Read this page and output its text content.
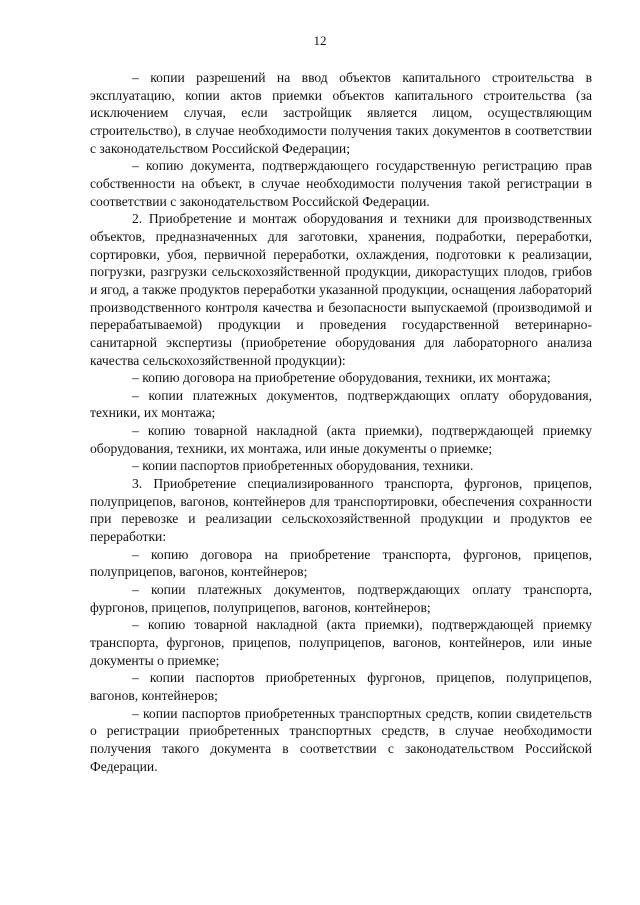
12

– копии разрешений на ввод объектов капитального строительства в эксплуатацию, копии актов приемки объектов капитального строительства (за исключением случая, если застройщик является лицом, осуществляющим строительство), в случае необходимости получения таких документов в соответствии с законодательством Российской Федерации;

– копию документа, подтверждающего государственную регистрацию прав собственности на объект, в случае необходимости получения такой регистрации в соответствии с законодательством Российской Федерации.

2. Приобретение и монтаж оборудования и техники для производственных объектов, предназначенных для заготовки, хранения, подработки, переработки, сортировки, убоя, первичной переработки, охлаждения, подготовки к реализации, погрузки, разгрузки сельскохозяйственной продукции, дикорастущих плодов, грибов и ягод, а также продуктов переработки указанной продукции, оснащения лабораторий производственного контроля качества и безопасности выпускаемой (производимой и перерабатываемой) продукции и проведения государственной ветеринарно-санитарной экспертизы (приобретение оборудования для лабораторного анализа качества сельскохозяйственной продукции):

– копию договора на приобретение оборудования, техники, их монтажа;

– копии платежных документов, подтверждающих оплату оборудования, техники, их монтажа;

– копию товарной накладной (акта приемки), подтверждающей приемку оборудования, техники, их монтажа, или иные документы о приемке;

– копии паспортов приобретенных оборудования, техники.

3. Приобретение специализированного транспорта, фургонов, прицепов, полуприцепов, вагонов, контейнеров для транспортировки, обеспечения сохранности при перевозке и реализации сельскохозяйственной продукции и продуктов ее переработки:

– копию договора на приобретение транспорта, фургонов, прицепов, полуприцепов, вагонов, контейнеров;

– копии платежных документов, подтверждающих оплату транспорта, фургонов, прицепов, полуприцепов, вагонов, контейнеров;

– копию товарной накладной (акта приемки), подтверждающей приемку транспорта, фургонов, прицепов, полуприцепов, вагонов, контейнеров, или иные документы о приемке;

– копии паспортов приобретенных фургонов, прицепов, полуприцепов, вагонов, контейнеров;

– копии паспортов приобретенных транспортных средств, копии свидетельств о регистрации приобретенных транспортных средств, в случае необходимости получения такого документа в соответствии с законодательством Российской Федерации.
